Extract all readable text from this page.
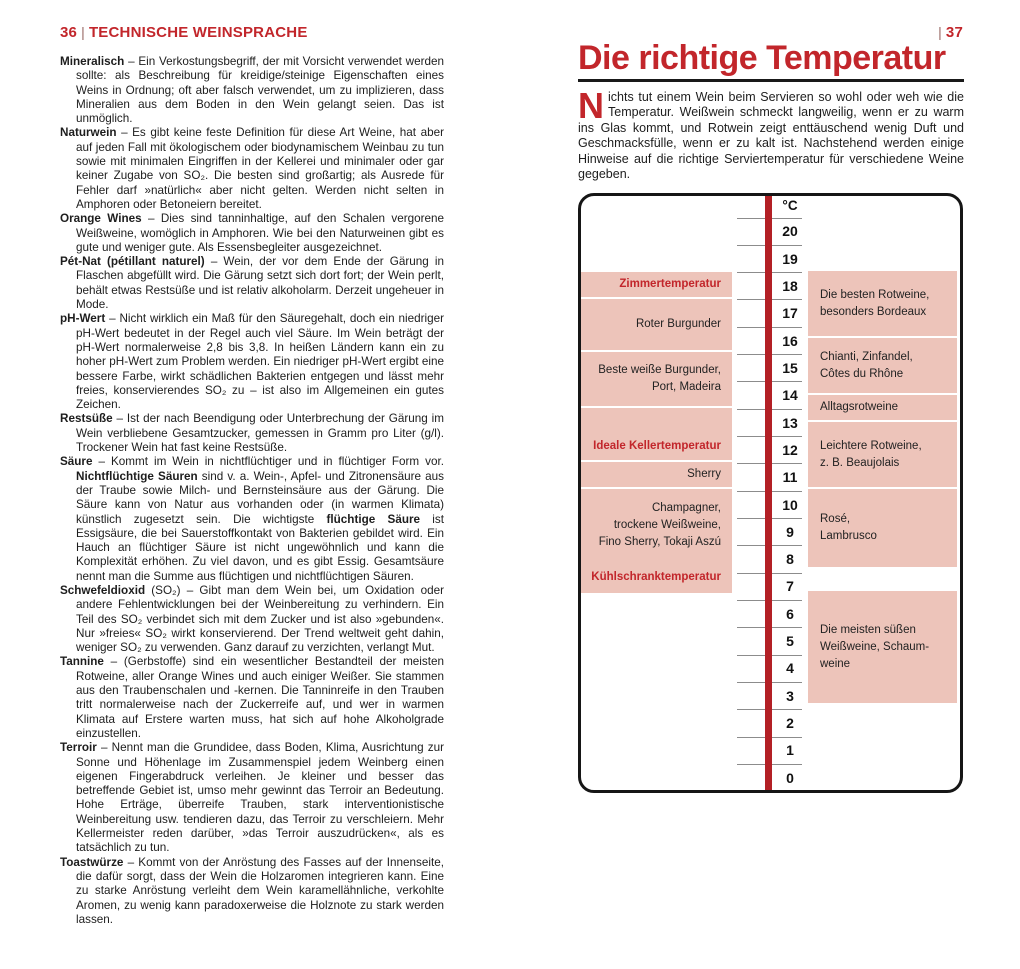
36 | TECHNISCHE WEINSPRACHE
Mineralisch – Ein Verkostungsbegriff, der mit Vorsicht verwendet werden sollte: als Beschreibung für kreidige/steinige Eigenschaften eines Weins in Ordnung; oft aber falsch verwendet, um zu implizieren, dass Mineralien aus dem Boden in den Wein gelangt seien. Das ist unmöglich.
Naturwein – Es gibt keine feste Definition für diese Art Weine, hat aber auf jeden Fall mit ökologischem oder biodynamischem Weinbau zu tun sowie mit minimalen Eingriffen in der Kellerei und minimaler oder gar keiner Zugabe von SO₂. Die besten sind großartig; als Ausrede für Fehler darf »natürlich« aber nicht gelten. Werden nicht selten in Amphoren oder Betoneiern bereitet.
Orange Wines – Dies sind tanninhaltige, auf den Schalen vergorene Weißweine, womöglich in Amphoren. Wie bei den Naturweinen gibt es gute und weniger gute. Als Essensbegleiter ausgezeichnet.
Pét-Nat (pétillant naturel) – Wein, der vor dem Ende der Gärung in Flaschen abgefüllt wird. Die Gärung setzt sich dort fort; der Wein perlt, behält etwas Restsüße und ist relativ alkoholarm. Derzeit ungeheuer in Mode.
pH-Wert – Nicht wirklich ein Maß für den Säuregehalt, doch ein niedriger pH-Wert bedeutet in der Regel auch viel Säure. Im Wein beträgt der pH-Wert normalerweise 2,8 bis 3,8. In heißen Ländern kann ein zu hoher pH-Wert zum Problem werden. Ein niedriger pH-Wert ergibt eine bessere Farbe, wirkt schädlichen Bakterien entgegen und lässt mehr freies, konservierendes SO₂ zu – ist also im Allgemeinen ein gutes Zeichen.
Restsüße – Ist der nach Beendigung oder Unterbrechung der Gärung im Wein verbliebene Gesamtzucker, gemessen in Gramm pro Liter (g/l). Trockener Wein hat fast keine Restsüße.
Säure – Kommt im Wein in nichtflüchtiger und in flüchtiger Form vor. Nichtflüchtige Säuren sind v. a. Wein-, Apfel- und Zitronensäure aus der Traube sowie Milch- und Bernsteinsäure aus der Gärung. Die Säure kann von Natur aus vorhanden oder (in warmen Klimata) künstlich zugesetzt sein. Die wichtigste flüchtige Säure ist Essigsäure, die bei Sauerstoffkontakt von Bakterien gebildet wird. Ein Hauch an flüchtiger Säure ist nicht ungewöhnlich und kann die Komplexität erhöhen. Zu viel davon, und es gibt Essig. Gesamtsäure nennt man die Summe aus flüchtigen und nichtflüchtigen Säuren.
Schwefeldioxid (SO₂) – Gibt man dem Wein bei, um Oxidation oder andere Fehlentwicklungen bei der Weinbereitung zu verhindern. Ein Teil des SO₂ verbindet sich mit dem Zucker und ist also »gebunden«. Nur »freies« SO₂ wirkt konservierend. Der Trend weltweit geht dahin, weniger SO₂ zu verwenden. Ganz darauf zu verzichten, verlangt Mut.
Tannine – (Gerbstoffe) sind ein wesentlicher Bestandteil der meisten Rotweine, aller Orange Wines und auch einiger Weißer. Sie stammen aus den Traubenschalen und -kernen. Die Tanninreife in den Trauben tritt normalerweise nach der Zuckerreife auf, und wer in warmen Klimata auf Erstere warten muss, hat sich auf hohe Alkoholgrade einzustellen.
Terroir – Nennt man die Grundidee, dass Boden, Klima, Ausrichtung zur Sonne und Höhenlage im Zusammenspiel jedem Weinberg einen eigenen Fingerabdruck verleihen. Je kleiner und besser das betreffende Gebiet ist, umso mehr gewinnt das Terroir an Bedeutung. Hohe Erträge, überreife Trauben, stark interventionistische Weinbereitung usw. tendieren dazu, das Terroir zu verschleiern. Mehr Kellermeister reden darüber, »das Terroir auszudrücken«, als es tatsächlich zu tun.
Toastwürze – Kommt von der Anröstung des Fasses auf der Innenseite, die dafür sorgt, dass der Wein die Holzaromen integrieren kann. Eine zu starke Anröstung verleiht dem Wein karamellähnliche, verkohlte Aromen, zu wenig kann paradoxerweise die Holznote zu stark werden lassen.
| 37
Die richtige Temperatur

Nichts tut einem Wein beim Servieren so wohl oder weh wie die Temperatur. Weißwein schmeckt langweilig, wenn er zu warm ins Glas kommt, und Rotwein zeigt enttäuschend wenig Duft und Geschmacksfülle, wenn er zu kalt ist. Nachstehend werden einige Hinweise auf die richtige Serviertemperatur für verschiedene Weine gegeben.

°C
20
19
18
17
16
15
14
13
12
11
10
9
8
7
6
5
4
3
2
1
0
Zimmertemperatur
Roter Burgunder
Beste weiße Burgunder,
Port, Madeira
Ideale Kellertemperatur
Sherry
Champagner,
trockene Weißweine,
Fino Sherry, Tokaji Aszú
Kühlschranktemperatur
Die besten Rotweine,
besonders Bordeaux
Chianti, Zinfandel,
Côtes du Rhône
Alltagsrotweine
Leichtere Rotweine,
z. B. Beaujolais
Rosé,
Lambrusco
Die meisten süßen
Weißweine, Schaum-
weine
